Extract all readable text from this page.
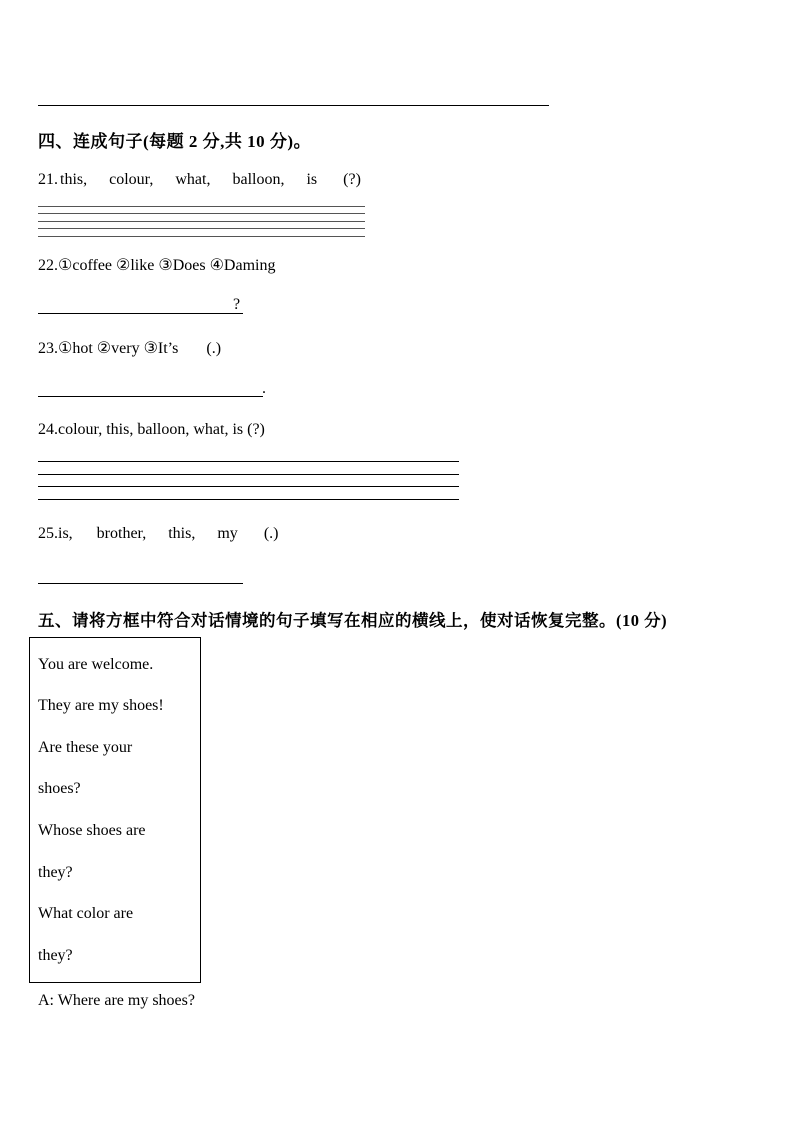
四、连成句子(每题 2 分,共 10 分)。
21. this, colour, what, balloon, is (?)
22.①coffee ②like ③Does ④Daming
?
23.①hot ②very ③It’s (.)
.
24.colour, this, balloon, what, is (?)
25.is, brother, this, my (.)
五、请将方框中符合对话情境的句子填写在相应的横线上，使对话恢复完整。(10 分)
You are welcome.
They are my shoes!
Are these your
shoes?
Whose shoes are
they?
What color are
they?
A: Where are my shoes?
